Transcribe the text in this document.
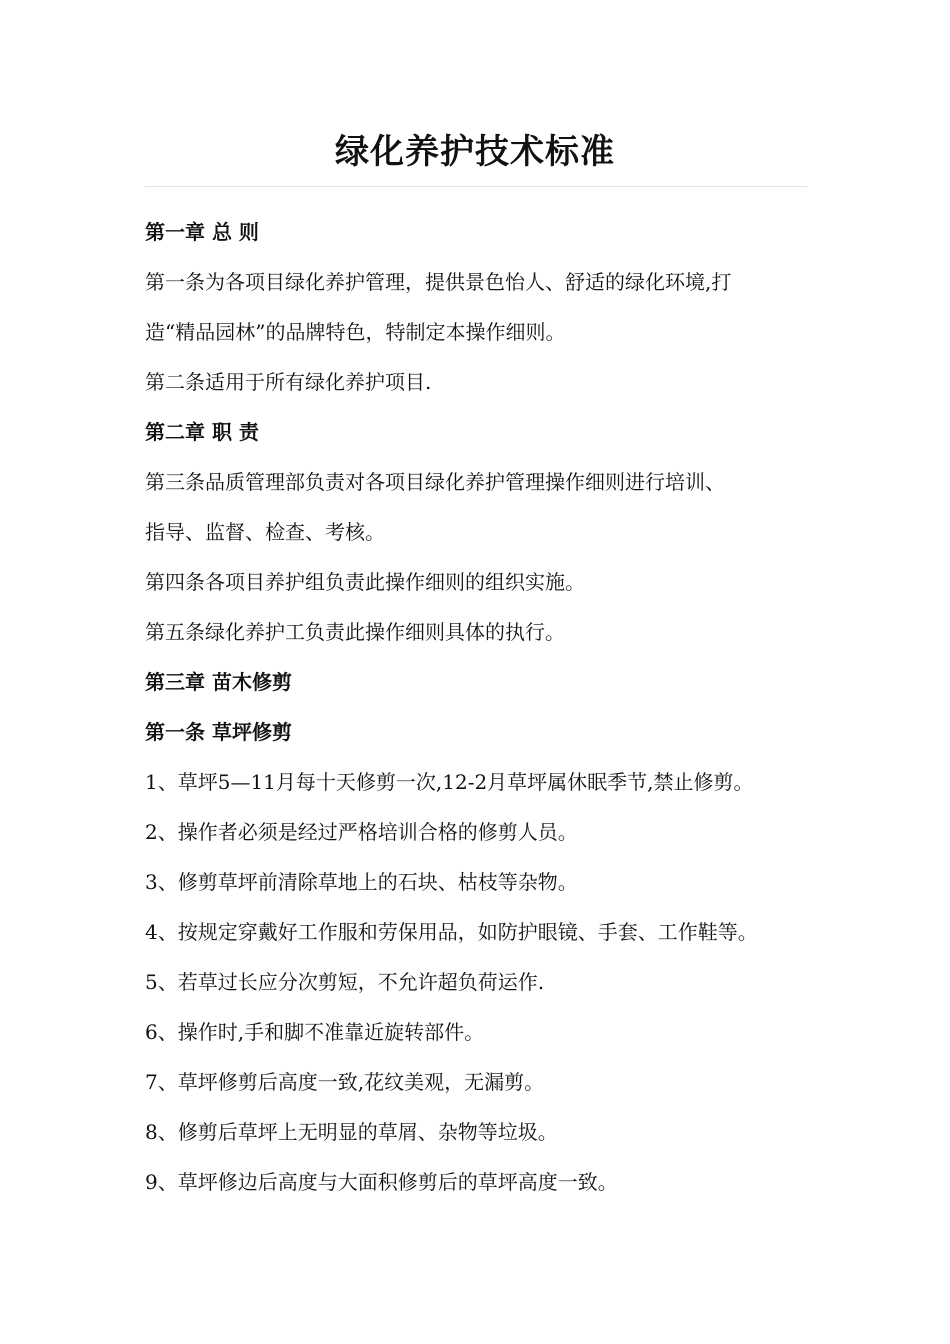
绿化养护技术标准

第一章 总 则

第一条为各项目绿化养护管理，提供景色怡人、舒适的绿化环境,打

造“精品园林”的品牌特色，特制定本操作细则。

第二条适用于所有绿化养护项目.

第二章 职 责

第三条品质管理部负责对各项目绿化养护管理操作细则进行培训、

指导、监督、检查、考核。

第四条各项目养护组负责此操作细则的组织实施。

第五条绿化养护工负责此操作细则具体的执行。

第三章 苗木修剪

第一条 草坪修剪

1、草坪5—11月每十天修剪一次,12-2月草坪属休眠季节,禁止修剪。

2、操作者必须是经过严格培训合格的修剪人员。

3、修剪草坪前清除草地上的石块、枯枝等杂物。

4、按规定穿戴好工作服和劳保用品，如防护眼镜、手套、工作鞋等。

5、若草过长应分次剪短，不允许超负荷运作.

6、操作时,手和脚不准靠近旋转部件。

7、草坪修剪后高度一致,花纹美观，无漏剪。

8、修剪后草坪上无明显的草屑、杂物等垃圾。

9、草坪修边后高度与大面积修剪后的草坪高度一致。
